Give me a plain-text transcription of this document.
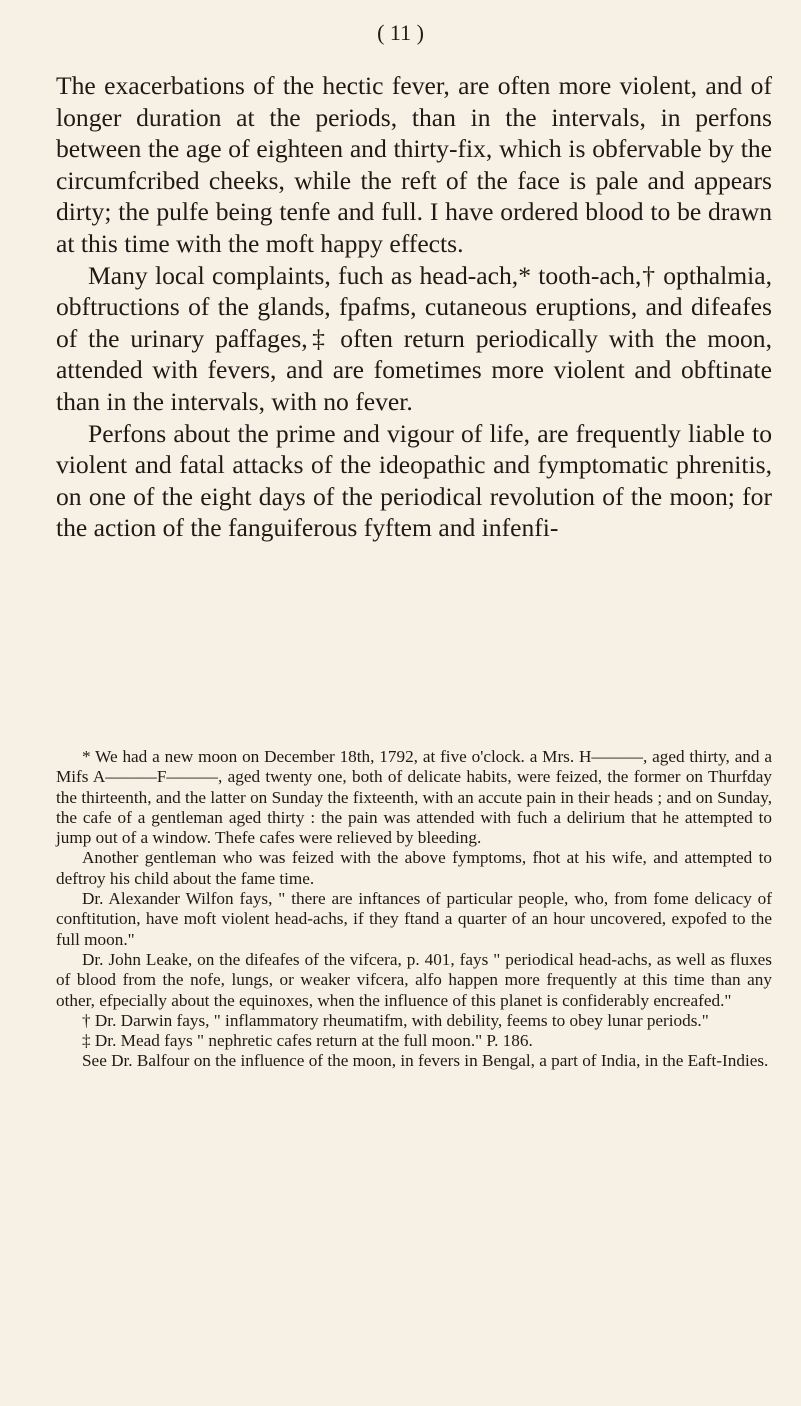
( 11 )

The exacerbations of the hectic fever, are often more violent, and of longer duration at the periods, than in the intervals, in perfons between the age of eighteen and thirty-fix, which is obfervable by the circumfcribed cheeks, while the reft of the face is pale and appears dirty; the pulfe being tenfe and full. I have ordered blood to be drawn at this time with the moft happy effects.

Many local complaints, fuch as head-ach,* tooth-ach,† opthalmia, obftructions of the glands, fpafms, cutaneous eruptions, and difeafes of the urinary paffages,‡ often return periodically with the moon, attended with fevers, and are fometimes more violent and obftinate than in the intervals, with no fever.

Perfons about the prime and vigour of life, are frequently liable to violent and fatal attacks of the ideopathic and fymptomatic phrenitis, on one of the eight days of the periodical revolution of the moon; for the action of the fanguiferous fyftem and infenfi-

* We had a new moon on December 18th, 1792, at five o'clock. a Mrs. H———, aged thirty, and a Mifs A———F———, aged twenty one, both of delicate habits, were feized, the former on Thurfday the thirteenth, and the latter on Sunday the fixteenth, with an accute pain in their heads ; and on Sunday, the cafe of a gentleman aged thirty : the pain was attended with fuch a delirium that he attempted to jump out of a window. Thefe cafes were relieved by bleeding.

Another gentleman who was feized with the above fymptoms, fhot at his wife, and attempted to deftroy his child about the fame time.

Dr. Alexander Wilfon fays, " there are inftances of particular people, who, from fome delicacy of conftitution, have moft violent head-achs, if they ftand a quarter of an hour uncovered, expofed to the full moon."

Dr. John Leake, on the difeafes of the vifcera, p. 401, fays " periodical head-achs, as well as fluxes of blood from the nofe, lungs, or weaker vifcera, alfo happen more frequently at this time than any other, efpecially about the equinoxes, when the influence of this planet is confiderably encreafed."

† Dr. Darwin fays, " inflammatory rheumatifm, with debility, feems to obey lunar periods."

‡ Dr. Mead fays " nephretic cafes return at the full moon." P. 186.

See Dr. Balfour on the influence of the moon, in fevers in Bengal, a part of India, in the Eaft-Indies.
